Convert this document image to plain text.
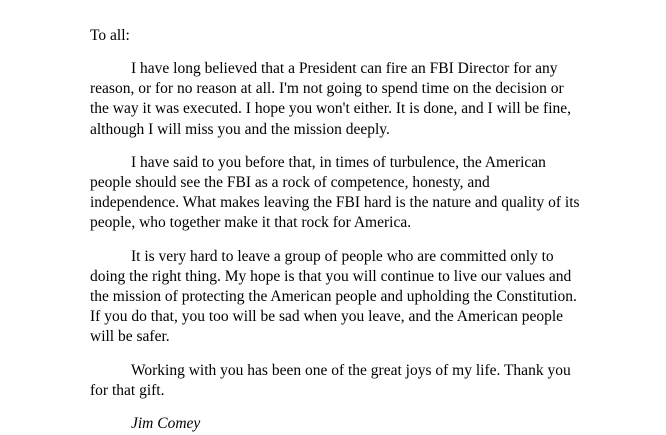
To all:

I have long believed that a President can fire an FBI Director for any reason, or for no reason at all. I'm not going to spend time on the decision or the way it was executed. I hope you won't either. It is done, and I will be fine, although I will miss you and the mission deeply.

I have said to you before that, in times of turbulence, the American people should see the FBI as a rock of competence, honesty, and independence. What makes leaving the FBI hard is the nature and quality of its people, who together make it that rock for America.

It is very hard to leave a group of people who are committed only to doing the right thing. My hope is that you will continue to live our values and the mission of protecting the American people and upholding the Constitution. If you do that, you too will be sad when you leave, and the American people will be safer.

Working with you has been one of the great joys of my life. Thank you for that gift.

Jim Comey
